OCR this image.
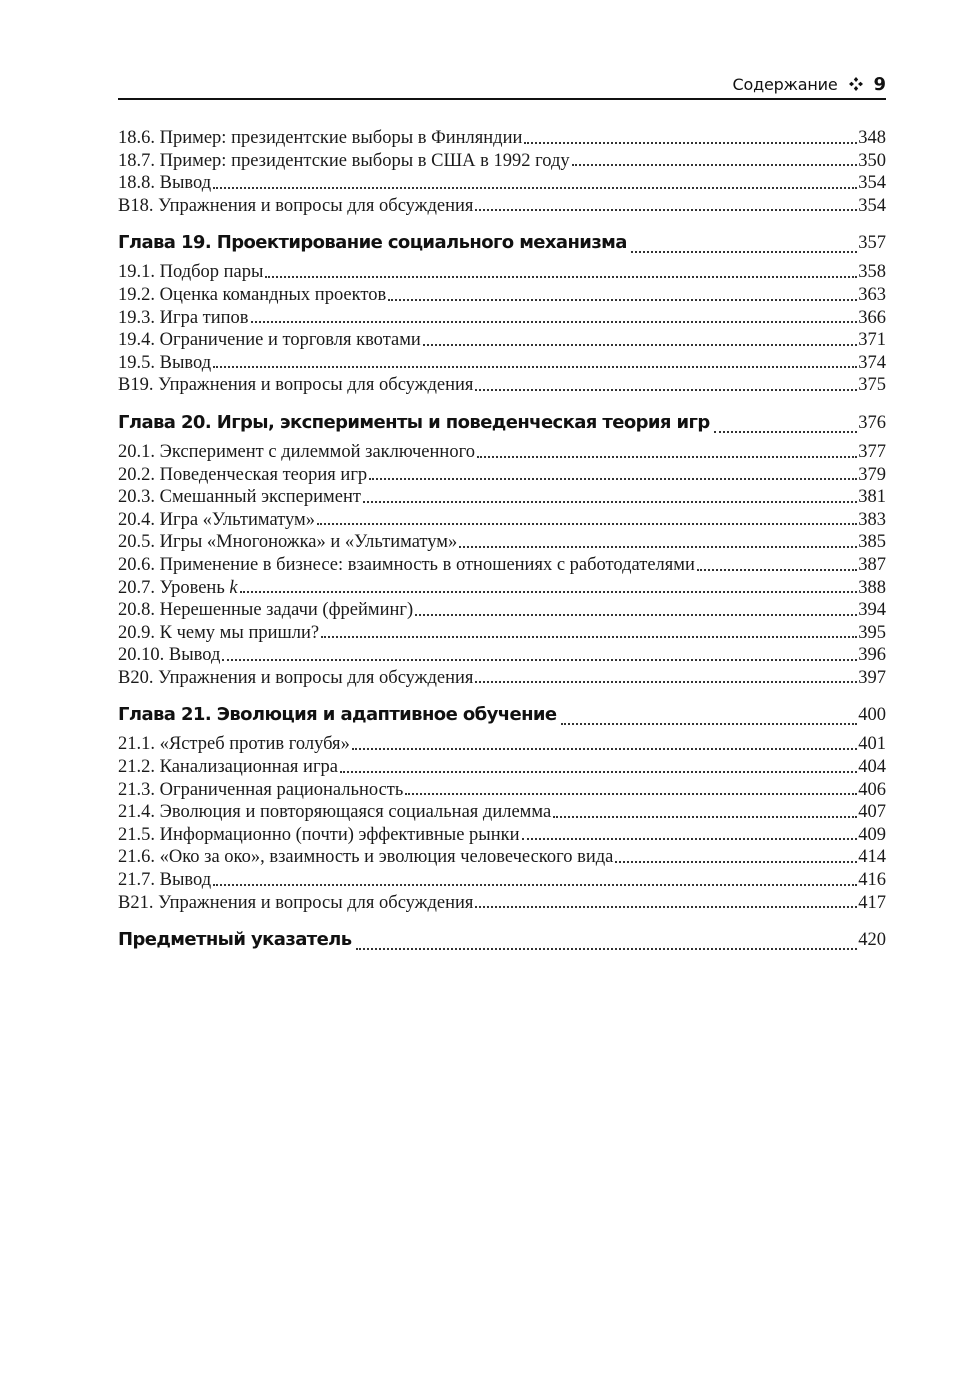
Содержание 9
18.6. Пример: президентские выборы в Финляндии	348
18.7. Пример: президентские выборы в США в 1992 году	350
18.8. Вывод	354
В18. Упражнения и вопросы для обсуждения	354
Глава 19. Проектирование социального механизма	357
19.1. Подбор пары	358
19.2. Оценка командных проектов	363
19.3. Игра типов	366
19.4. Ограничение и торговля квотами	371
19.5. Вывод	374
В19. Упражнения и вопросы для обсуждения	375
Глава 20. Игры, эксперименты и поведенческая теория игр	376
20.1. Эксперимент с дилеммой заключенного	377
20.2. Поведенческая теория игр	379
20.3. Смешанный эксперимент	381
20.4. Игра «Ультиматум»	383
20.5. Игры «Многоножка» и «Ультиматум»	385
20.6. Применение в бизнесе: взаимность в отношениях с работодателями	387
20.7. Уровень k	388
20.8. Нерешенные задачи (фрейминг)	394
20.9. К чему мы пришли?	395
20.10. Вывод	396
В20. Упражнения и вопросы для обсуждения	397
Глава 21. Эволюция и адаптивное обучение	400
21.1. «Ястреб против голубя»	401
21.2. Канализационная игра	404
21.3. Ограниченная рациональность	406
21.4. Эволюция и повторяющаяся социальная дилемма	407
21.5. Информационно (почти) эффективные рынки	409
21.6. «Око за око», взаимность и эволюция человеческого вида	414
21.7. Вывод	416
В21. Упражнения и вопросы для обсуждения	417
Предметный указатель	420
